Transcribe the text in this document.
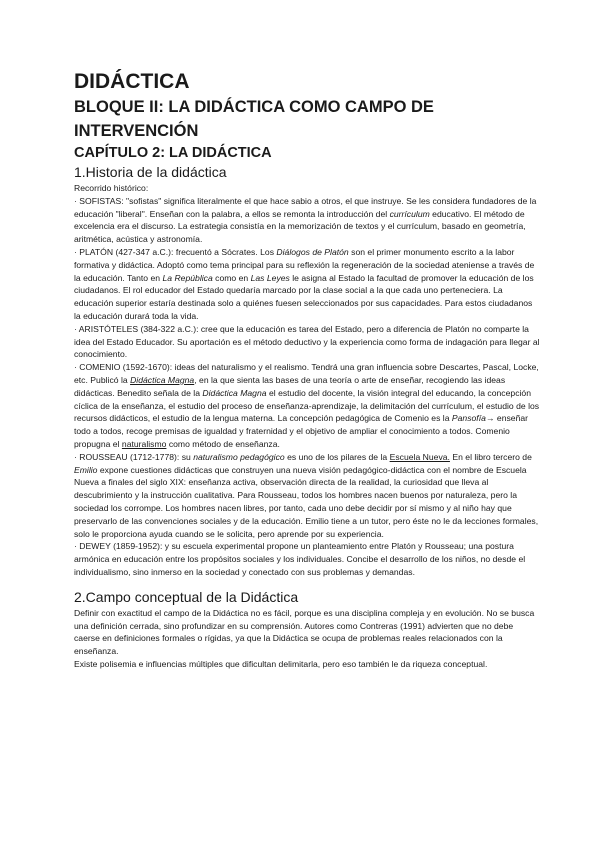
DIDÁCTICA
BLOQUE II: LA DIDÁCTICA COMO CAMPO DE INTERVENCIÓN
CAPÍTULO 2: LA DIDÁCTICA
1.Historia de la didáctica

Recorrido histórico:

· SOFISTAS: "sofistas" significa literalmente el que hace sabio a otros, el que instruye. Se les considera fundadores de la educación "liberal". Enseñan con la palabra, a ellos se remonta la introducción del currículum educativo. El método de excelencia era el discurso. La estrategia consistía en la memorización de textos y el currículum, basado en geometría, aritmética, acústica y astronomía.

· PLATÓN (427-347 a.C.): frecuentó a Sócrates. Los Diálogos de Platón son el primer monumento escrito a la labor formativa y didáctica. Adoptó como tema principal para su reflexión la regeneración de la sociedad ateniense a través de la educación. Tanto en La República como en Las Leyes le asigna al Estado la facultad de promover la educación de los ciudadanos. El rol educador del Estado quedaría marcado por la clase social a la que cada uno perteneciera. La educación superior estaría destinada solo a quiénes fuesen seleccionados por sus capacidades. Para estos ciudadanos la educación durará toda la vida.

· ARISTÓTELES (384-322 a.C.): cree que la educación es tarea del Estado, pero a diferencia de Platón no comparte la idea del Estado Educador. Su aportación es el método deductivo y la experiencia como forma de indagación para llegar al conocimiento.

· COMENIO (1592-1670): ideas del naturalismo y el realismo. Tendrá una gran influencia sobre Descartes, Pascal, Locke, etc. Publicó la Didáctica Magna, en la que sienta las bases de una teoría o arte de enseñar, recogiendo las ideas didácticas. Benedito señala de la Didáctica Magna el estudio del docente, la visión integral del educando, la concepción cíclica de la enseñanza, el estudio del proceso de enseñanza-aprendizaje, la delimitación del currículum, el estudio de los recursos didácticos, el estudio de la lengua materna. La concepción pedagógica de Comenio es la Pansofía→ enseñar todo a todos, recoge premisas de igualdad y fraternidad y el objetivo de ampliar el conocimiento a todos. Comenio propugna el naturalismo como método de enseñanza.

· ROUSSEAU (1712-1778): su naturalismo pedagógico es uno de los pilares de la Escuela Nueva. En el libro tercero de Emilio expone cuestiones didácticas que construyen una nueva visión pedagógico-didáctica con el nombre de Escuela Nueva a finales del siglo XIX: enseñanza activa, observación directa de la realidad, la curiosidad que lleva al descubrimiento y la instrucción cualitativa. Para Rousseau, todos los hombres nacen buenos por naturaleza, pero la sociedad los corrompe. Los hombres nacen libres, por tanto, cada uno debe decidir por sí mismo y al niño hay que preservarlo de las convenciones sociales y de la educación. Emilio tiene a un tutor, pero éste no le da lecciones formales, solo le proporciona ayuda cuando se le solicita, pero aprende por su experiencia.

· DEWEY (1859-1952): y su escuela experimental propone un planteamiento entre Platón y Rousseau; una postura armónica en educación entre los propósitos sociales y los individuales. Concibe el desarrollo de los niños, no desde el individualismo, sino inmerso en la sociedad y conectado con sus problemas y demandas.

2.Campo conceptual de la Didáctica

Definir con exactitud el campo de la Didáctica no es fácil, porque es una disciplina compleja y en evolución. No se busca una definición cerrada, sino profundizar en su comprensión. Autores como Contreras (1991) advierten que no debe caerse en definiciones formales o rígidas, ya que la Didáctica se ocupa de problemas reales relacionados con la enseñanza.

Existe polisemia e influencias múltiples que dificultan delimitarla, pero eso también le da riqueza conceptual.
